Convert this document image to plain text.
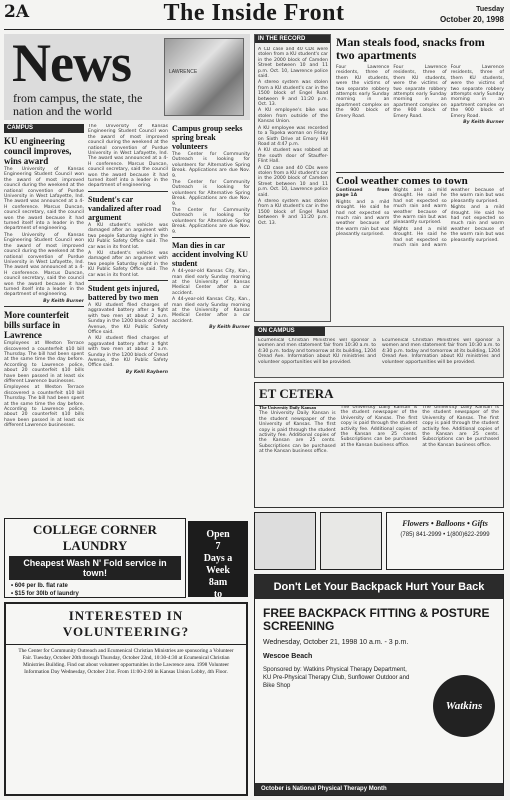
2A	The Inside Front	Tuesday
October 20, 1998
News
from campus, the state, the nation and the world
LAWRENCE
CAMPUS

KU engineering council improves, wins award

The University of Kansas Engineering Student Council won the award of most improved council during the weekend at the national convention of Purdue University in West Lafayette, Ind. The award was announced at a 4-H conference. Marcus Duncan, council secretary, said the council won the award because it had turned itself into a leader in the department of engineering.

The University of Kansas Engineering Student Council won the award of most improved council during the weekend at the national convention of Purdue University in West Lafayette, Ind. The award was announced at a 4-H conference. Marcus Duncan, council secretary, said the council won the award because it had turned itself into a leader in the department of engineering.

By Keith Burner

More counterfeit bills surface in Lawrence

Employees at Weston Terrace discovered a counterfeit $10 bill Thursday. The bill had been spent at the same time the day before. According to Lawrence police, about 20 counterfeit $10 bills have been passed in at least six different Lawrence businesses.

Employees at Weston Terrace discovered a counterfeit $10 bill Thursday. The bill had been spent at the same time the day before. According to Lawrence police, about 20 counterfeit $10 bills have been passed in at least six different Lawrence businesses.

The University of Kansas Engineering Student Council won the award of most improved council during the weekend at the national convention of Purdue University in West Lafayette, Ind. The award was announced at a 4-H conference. Marcus Duncan, council secretary, said the council won the award because it had turned itself into a leader in the department of engineering.

Student's car vandalized after road argument

A KU student's vehicle was damaged after an argument with two people Saturday night in the KU Public Safety Office said. The car was in its front lot.

A KU student's vehicle was damaged after an argument with two people Saturday night in the KU Public Safety Office said. The car was in its front lot.

Student gets injured, battered by two men

A KU student filed charges of aggravated battery after a fight with two men at about 2 a.m. Sunday in the 1200 block of Oread Avenue, the KU Public Safety Office said.

A KU student filed charges of aggravated battery after a fight with two men at about 2 a.m. Sunday in the 1200 block of Oread Avenue, the KU Public Safety Office said.

By Kelli Raybern

Campus group seeks spring break volunteers

The Center for Community Outreach is looking for volunteers for Alternative Spring Break. Applications are due Nov. 9.

The Center for Community Outreach is looking for volunteers for Alternative Spring Break. Applications are due Nov. 9.

The Center for Community Outreach is looking for volunteers for Alternative Spring Break. Applications are due Nov. 9.

Man dies in car accident involving KU student

A 44-year-old Kansas City, Kan., man died early Sunday morning at the University of Kansas Medical Center after a car accident.

A 44-year-old Kansas City, Kan., man died early Sunday morning at the University of Kansas Medical Center after a car accident.

By Keith Burner

IN THE RECORD

A CD case and 40 CDs were stolen from a KU student's car in the 2000 block of Camden Street between 10 and 11 p.m. Oct. 10, Lawrence police said.

A stereo system was stolen from a KU student's car in the 1500 block of Engel Road between 9 and 11:20 p.m. Oct. 13.

A KU employee's bike was stolen from outside of the Kansas Union.

A KU employee was recorded to a Topeka woman on Friday on Sixth Drive at Emory Hill Road at 4:47 p.m.

A KU student was robbed at the south door of Stauffer-Flint Hall.

A CD case and 40 CDs were stolen from a KU student's car in the 2000 block of Camden Street between 10 and 11 p.m. Oct. 10, Lawrence police said.

A stereo system was stolen from a KU student's car in the 1500 block of Engel Road between 9 and 11:20 p.m. Oct. 13.

Man steals food, snacks from two apartments

Four Lawrence residents, three of them KU students, were the victims of two separate robbery attempts early Sunday morning in an apartment complex on the 900 block of Emery Road.

Four Lawrence residents, three of them KU students, were the victims of two separate robbery attempts early Sunday morning in an apartment complex on the 900 block of Emery Road.

Four Lawrence residents, three of them KU students, were the victims of two separate robbery attempts early Sunday morning in an apartment complex on the 900 block of Emery Road.

By Keith Burner

Cool weather comes to town

Continued from page 1A

Nights and a mild drought. He said he had not expected so much rain and warm weather because of the warm rain but was pleasantly surprised.

Nights and a mild drought. He said he had not expected so much rain and warm weather because of the warm rain but was pleasantly surprised.

Nights and a mild drought. He said he had not expected so much rain and warm weather because of the warm rain but was pleasantly surprised.

Nights and a mild drought. He said he had not expected so much rain and warm weather because of the warm rain but was pleasantly surprised.

ON CAMPUS

Ecumenical Christian Ministries will sponsor a women and men statement fair from 10:30 a.m. to 4:30 p.m. today and tomorrow at its building, 1204 Oread Ave. Information about KU ministries and volunteer opportunities will be provided.

Ecumenical Christian Ministries will sponsor a women and men statement fair from 10:30 a.m. to 4:30 p.m. today and tomorrow at its building, 1204 Oread Ave. Information about KU ministries and volunteer opportunities will be provided.

ET CETERA

The University Daily Kansan

The University Daily Kansan is the student newspaper of the University of Kansas. The first copy is paid through the student activity fee. Additional copies of the Kansan are 25 cents. Subscriptions can be purchased at the Kansan business office.

The University Daily Kansan is the student newspaper of the University of Kansas. The first copy is paid through the student activity fee. Additional copies of the Kansan are 25 cents. Subscriptions can be purchased at the Kansan business office.

The University Daily Kansan is the student newspaper of the University of Kansas. The first copy is paid through the student activity fee. Additional copies of the Kansan are 25 cents. Subscriptions can be purchased at the Kansan business office.

COLLEGE CORNER LAUNDRY
Cheapest Wash N' Fold service in town!
• 60¢ per lb. flat rate
• $15 for 30lb of laundry
Open
7
Days a
Week
8am
to
INTERESTED IN VOLUNTEERING?
The Center for Community Outreach and Ecumenical Christian Ministries are sponsoring a Volunteer Fair. Tuesday, October 20th through Thursday, October 22nd, 10:30-4:30 at Ecumenical Christian Ministries Building. Find out about volunteer opportunities in the Lawrence area. 1998 Volunteer Information Day Wednesday, October 21st. From 11:00-2:00 in Kansas Union Lobby, 4th Floor.
Flowers • Balloons • Gifts
(785) 841-2999 • 1(800)622-2999
Don't Let Your Backpack Hurt Your Back
FREE BACKPACK FITTING & POSTURE SCREENING
Wednesday, October 21, 1998 10 a.m. - 3 p.m.
Wescoe Beach
Sponsored by: Watkins Physical Therapy Department, KU Pre-Physical Therapy Club, Sunflower Outdoor and Bike Shop
Watkins
October is National Physical Therapy Month
